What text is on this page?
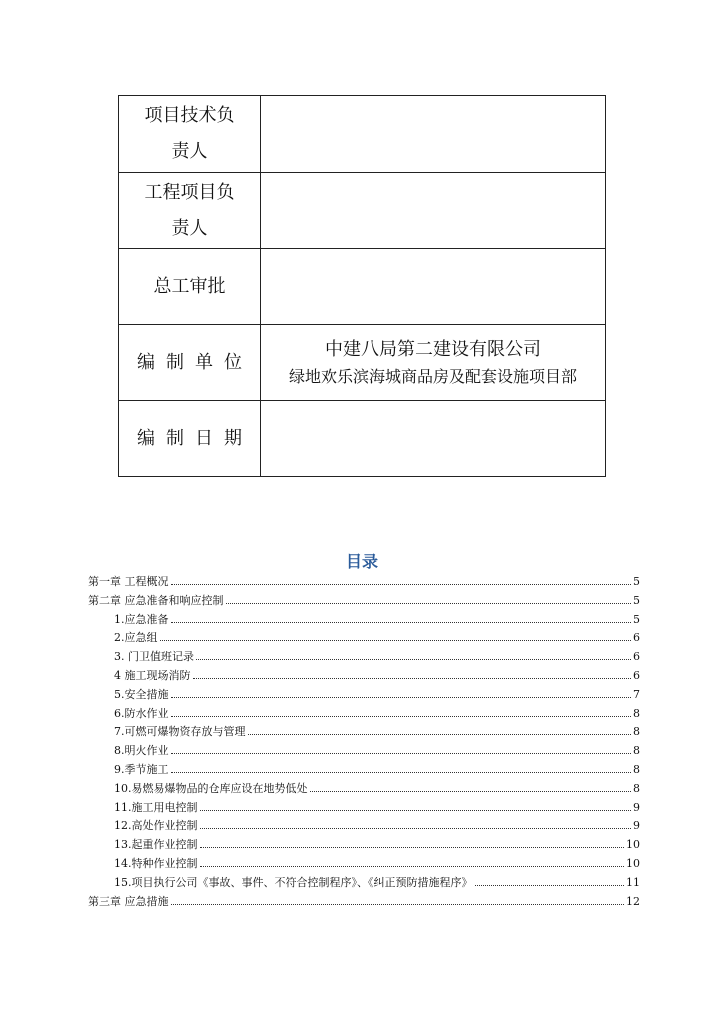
项目技术负责人	
工程项目负责人	
总工审批	
编制单位	中建八局第二建设有限公司
绿地欢乐滨海城商品房及配套设施项目部

编制日期	
目录
第一章 工程概况	5
第二章 应急准备和响应控制	5
1.应急准备	5
2.应急组	6
3. 门卫值班记录	6
4 施工现场消防	6
5.安全措施	7
6.防水作业	8
7.可燃可爆物资存放与管理	8
8.明火作业	8
9.季节施工	8
10.易燃易爆物品的仓库应设在地势低处	8
11.施工用电控制	9
12.高处作业控制	9
13.起重作业控制	10
14.特种作业控制	10
15.项目执行公司《事故、事件、不符合控制程序》、《纠正预防措施程序》	11
第三章 应急措施	12
